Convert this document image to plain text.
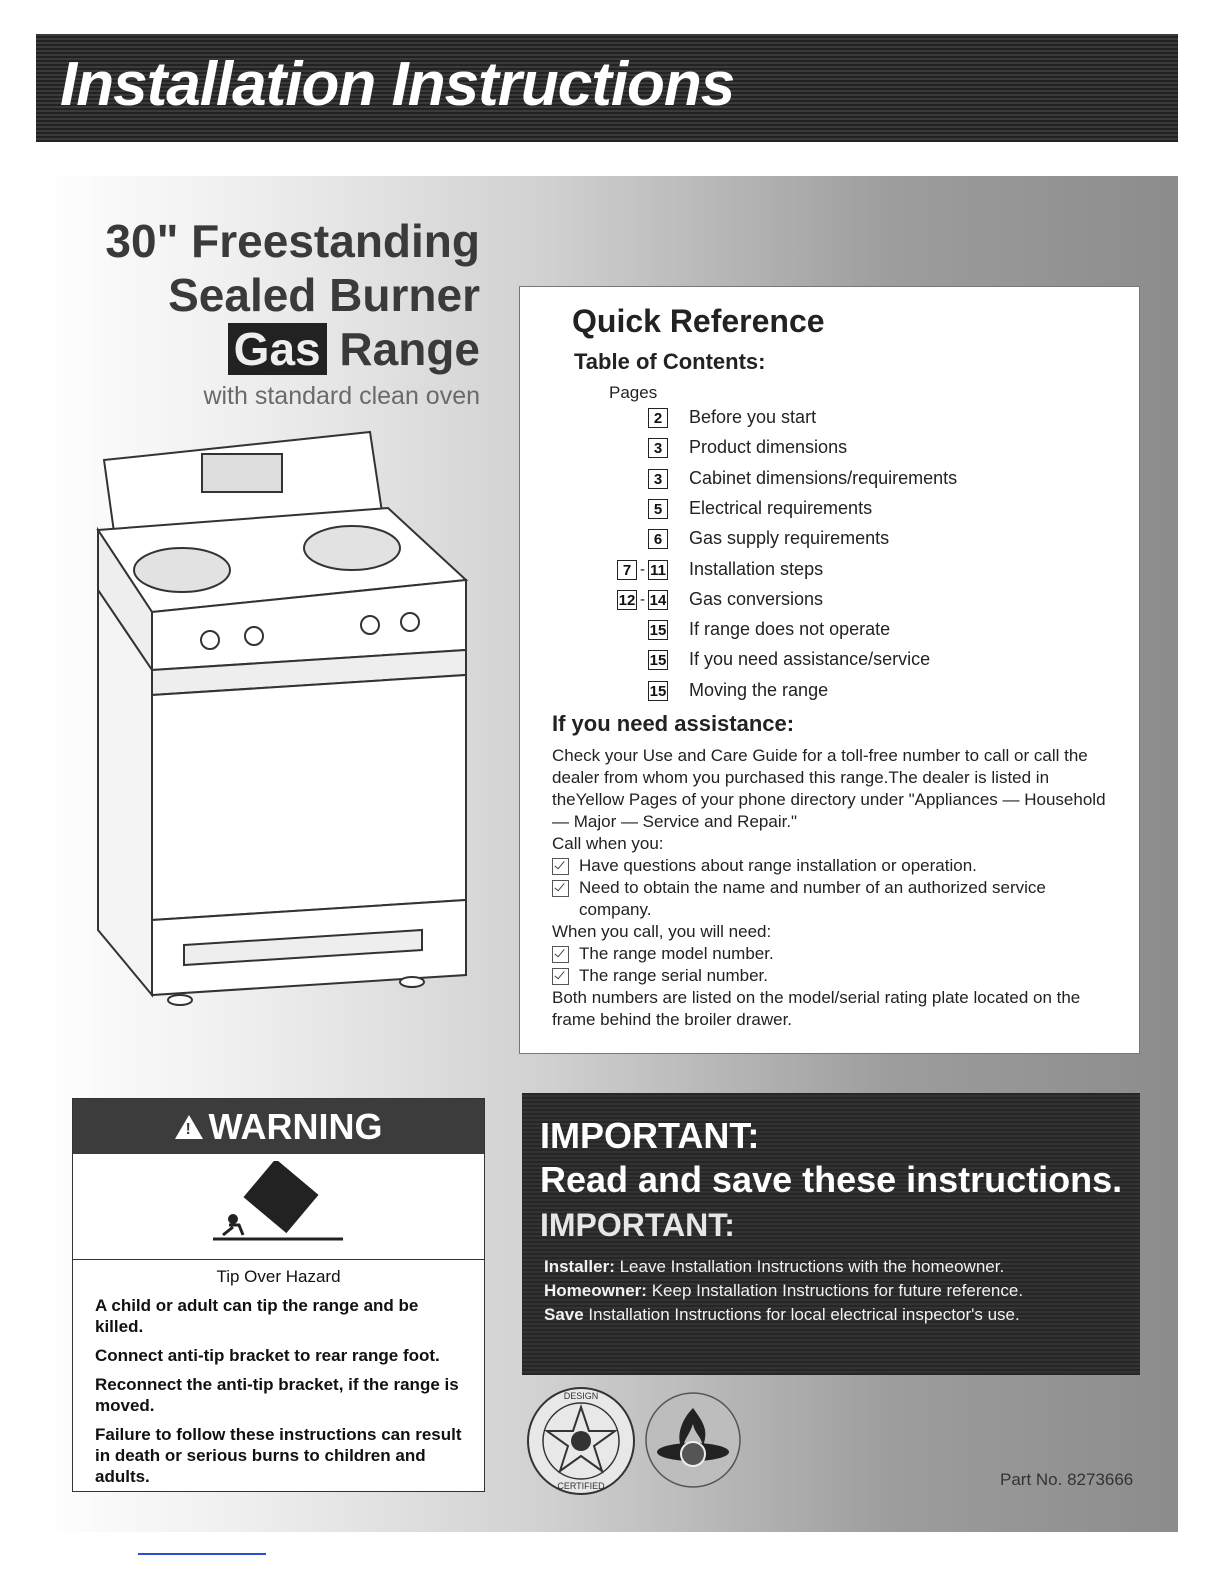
Installation Instructions
30" Freestanding
Sealed Burner
Gas Range
with standard clean oven
Quick Reference
Table of Contents:
Pages
2	Before you start
3	Product dimensions
3	Cabinet dimensions/requirements
5	Electrical requirements
6	Gas supply requirements
7 - 11 Installation steps
12 - 14 Gas conversions
15 If range does not operate
15 If you need assistance/service
15 Moving the range
If you need assistance:

Check your Use and Care Guide for a toll-free number to call or call the dealer from whom you purchased this range.The dealer is listed in theYellow Pages of your phone directory under "Appliances — Household — Major — Service and Repair."

Call when you:

Have questions about range installation or operation.
Need to obtain the name and number of an authorized service company.

When you call, you will need:

The range model number.
The range serial number.

Both numbers are listed on the model/serial rating plate located on the frame behind the broiler drawer.

! WARNING
Tip Over Hazard

A child or adult can tip the range and be killed.

Connect anti-tip bracket to rear range foot.

Reconnect the anti-tip bracket, if the range is moved.

Failure to follow these instructions can result in death or serious burns to children and adults.

IMPORTANT:
Read and save these instructions.
IMPORTANT:
Installer: Leave Installation Instructions with the homeowner.
Homeowner: Keep Installation Instructions for future reference.
Save Installation Instructions for local electrical inspector's use.
DESIGN
CERTIFIED	Part No. 8273666
